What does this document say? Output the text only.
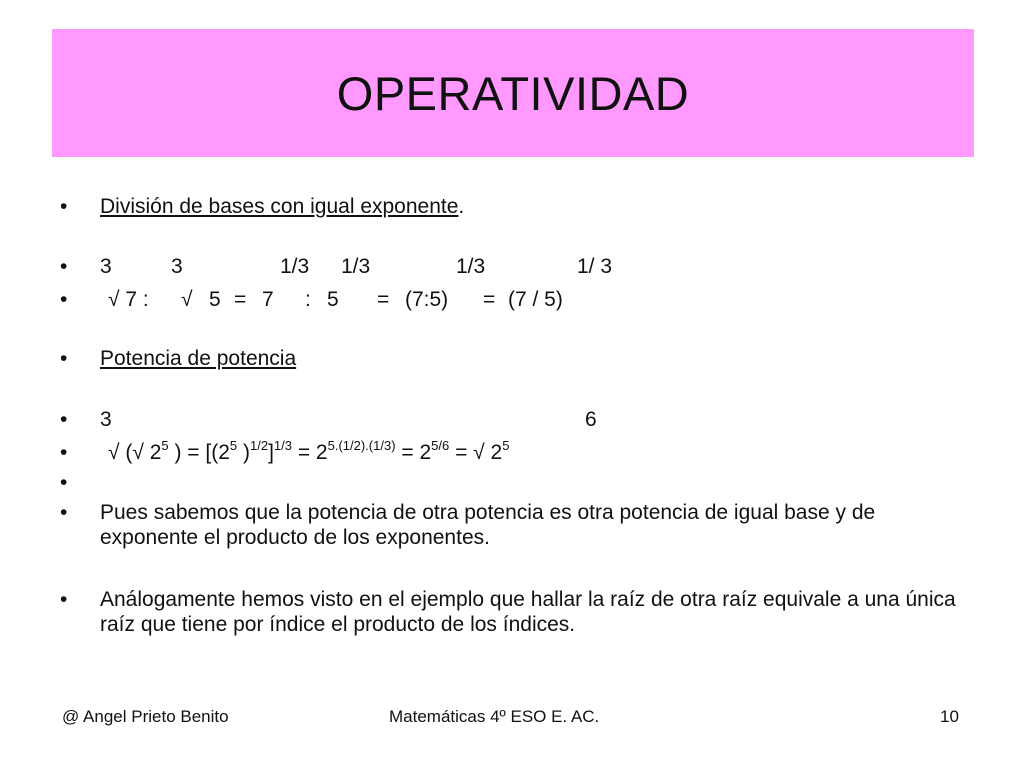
OPERATIVIDAD
•
•
•
•
•
•
•
•
•
División de bases con igual exponente.
3	3	1/3 1/3	1/3	1/ 3
√ 7 : √ 5 = 7 : 5 = (7:5) = (7 / 5)
Potencia de potencia
3	6
√ (√ $2^5$ ) = [($2^5$ )$^{1/2}]^{1/3} = 2^{5.(1/2).(1/3)} = 2^{5/6}$ = √ $2^5$
Pues sabemos que la potencia de otra potencia es otra potencia de igual base y de exponente el producto de los exponentes.
Análogamente hemos visto en el ejemplo que hallar la raíz de otra raíz equivale a una única raíz que tiene por índice el producto de los índices.
@ Angel Prieto Benito	Matemáticas 4º ESO E. AC.	10
